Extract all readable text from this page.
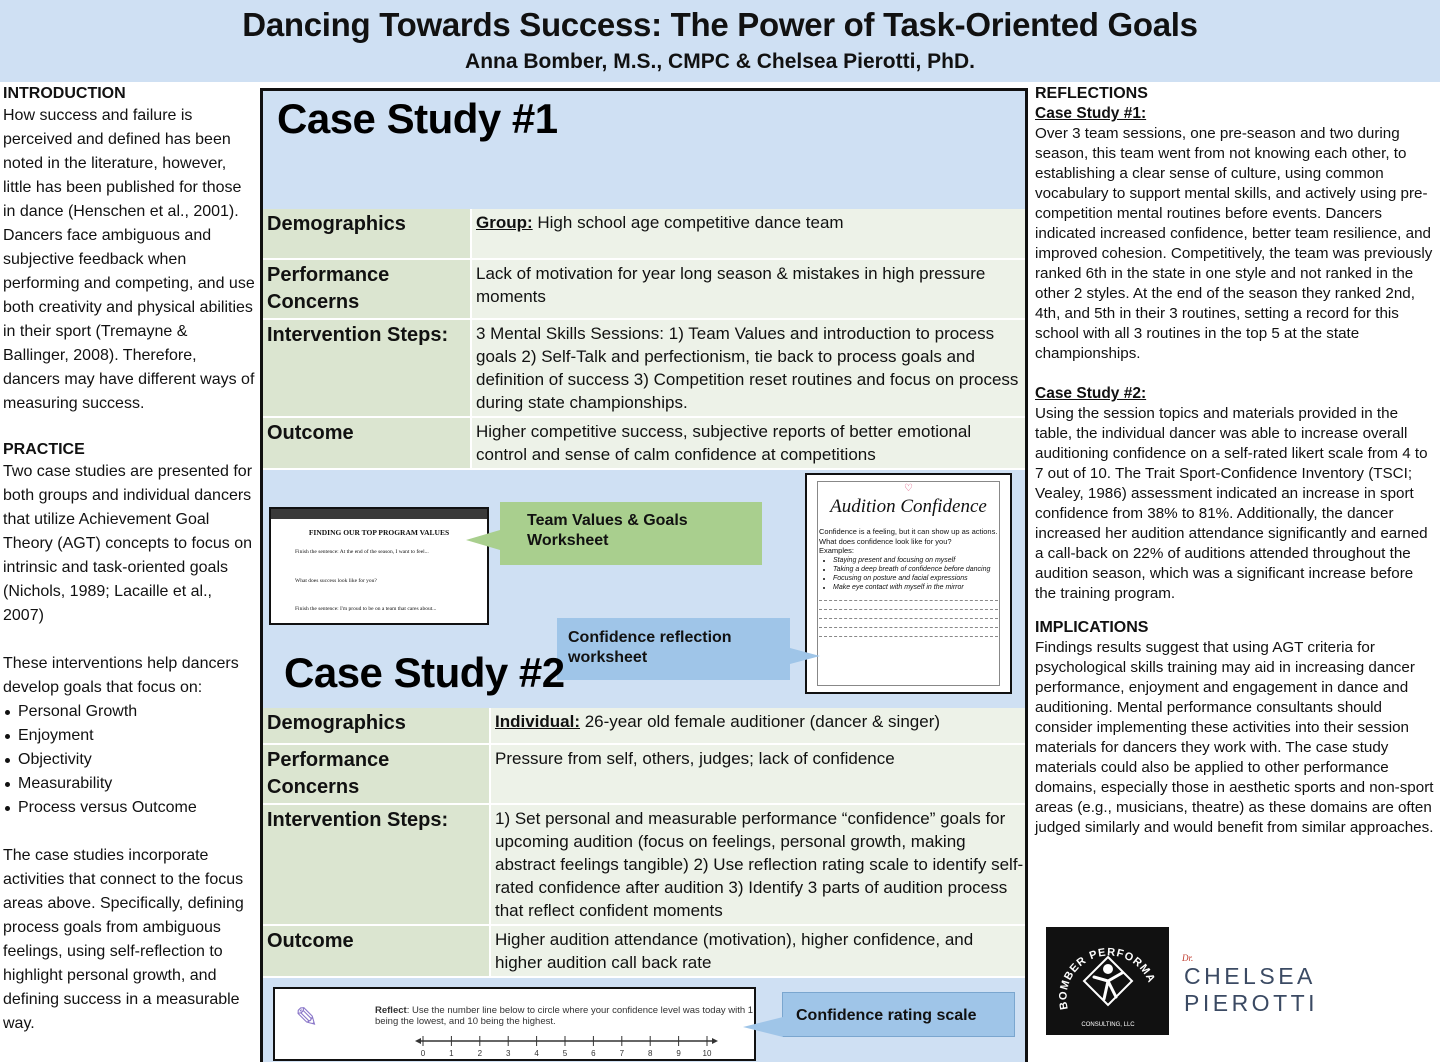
Dancing Towards Success: The Power of Task-Oriented Goals
Anna Bomber, M.S., CMPC & Chelsea Pierotti, PhD.
INTRODUCTION

How success and failure is perceived and defined has been noted in the literature, however, little has been published for those in dance (Henschen et al., 2001). Dancers face ambiguous and subjective feedback when performing and competing, and use both creativity and physical abilities in their sport (Tremayne & Ballinger, 2008). Therefore, dancers may have different ways of measuring success.

PRACTICE

Two case studies are presented for both groups and individual dancers that utilize Achievement Goal Theory (AGT) concepts to focus on intrinsic and task-oriented goals (Nichols, 1989; Lacaille et al., 2007)

These interventions help dancers develop goals that focus on:

Personal Growth
Enjoyment
Objectivity
Measurability
Process versus Outcome

The case studies incorporate activities that connect to the focus areas above. Specifically, defining process goals from ambiguous feelings, using self-reflection to highlight personal growth, and defining success in a measurable way.

Case Study #1
Demographics	Group: High school age competitive dance team
Performance Concerns	Lack of motivation for year long season & mistakes in high pressure moments
Intervention Steps:	3 Mental Skills Sessions: 1) Team Values and introduction to process goals 2) Self-Talk and perfectionism, tie back to process goals and definition of success 3) Competition reset routines and focus on process during state championships.
Outcome	Higher competitive success, subjective reports of better emotional control and sense of calm confidence at competitions
FINDING OUR TOP PROGRAM VALUES
Finish the sentence: At the end of the season, I want to feel...
What does success look like for you?
Finish the sentence: I'm proud to be on a team that cares about...
Team Values & Goals Worksheet
♡
Audition Confidence
Confidence is a feeling, but it can show up as actions. What does confidence look like for you?
Examples:
• Staying present and focusing on myself
• Taking a deep breath of confidence before dancing
• Focusing on posture and facial expressions
• Make eye contact with myself in the mirror
Confidence reflection worksheet
Case Study #2
Demographics	Individual: 26-year old female auditioner (dancer & singer)
Performance Concerns	Pressure from self, others, judges; lack of confidence
Intervention Steps:	1) Set personal and measurable performance “confidence” goals for upcoming audition (focus on feelings, personal growth, making abstract feelings tangible) 2) Use reflection rating scale to identify self-rated confidence after audition 3) Identify 3 parts of audition process that reflect confident moments
Outcome	Higher audition attendance (motivation), higher confidence, and higher audition call back rate
✎	Reflect: Use the number line below to circle where your confidence level was today with 1 being the lowest, and 10 being the highest.
0	1	2	3	4	5	6	7	8	9	10
Confidence rating scale
REFLECTIONS
Case Study #1:

Over 3 team sessions, one pre-season and two during season, this team went from not knowing each other, to establishing a clear sense of culture, using common vocabulary to support mental skills, and actively using pre-competition mental routines before events. Dancers indicated increased confidence, better team resilience, and improved cohesion. Competitively, the team was previously ranked 6th in the state in one style and not ranked in the other 2 styles. At the end of the season they ranked 2nd, 4th, and 5th in their 3 routines, setting a record for this school with all 3 routines in the top 5 at the state championships.

Case Study #2:

Using the session topics and materials provided in the table, the individual dancer was able to increase overall auditioning confidence on a self-rated likert scale from 4 to 7 out of 10. The Trait Sport-Confidence Inventory (TSCI; Vealey, 1986) assessment indicated an increase in sport confidence from 38% to 81%. Additionally, the dancer increased her audition attendance significantly and earned a call-back on 22% of auditions attended throughout the audition season, which was a significant increase before the training program.

IMPLICATIONS

Findings results suggest that using AGT criteria for psychological skills training may aid in increasing dancer performance, enjoyment and engagement in dance and auditioning. Mental performance consultants should consider implementing these activities into their session materials for dancers they work with. The case study materials could also be applied to other performance domains, especially those in aesthetic sports and non-sport areas (e.g., musicians, theatre) as these domains are often judged similarly and would benefit from similar approaches.

BOMBER PERFORMA
CONSULTING, LLC
Dr.
CHELSEA PIEROTTI
